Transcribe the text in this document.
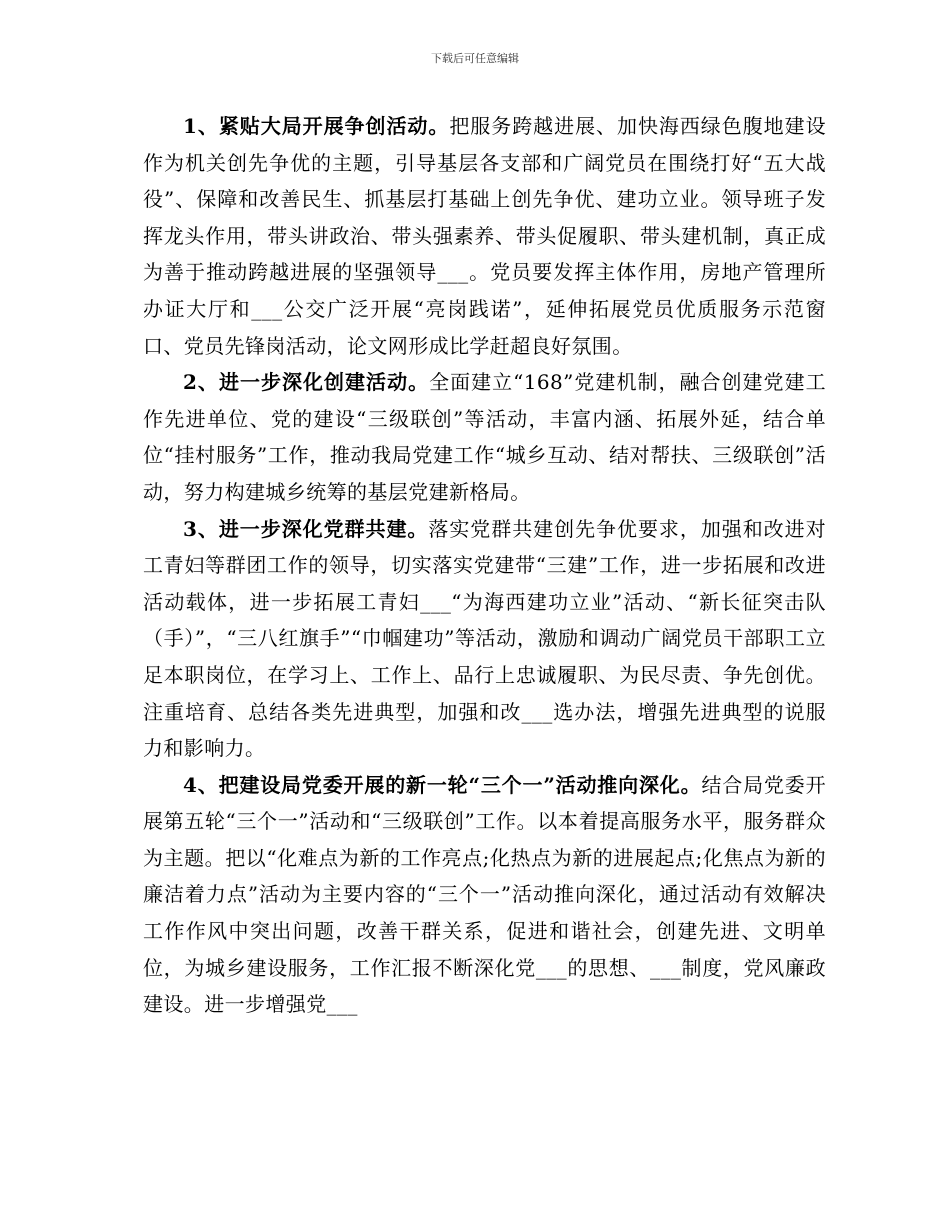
下载后可任意编辑

1、紧贴大局开展争创活动。把服务跨越进展、加快海西绿色腹地建设作为机关创先争优的主题，引导基层各支部和广阔党员在围绕打好“五大战役”、保障和改善民生、抓基层打基础上创先争优、建功立业。领导班子发挥龙头作用，带头讲政治、带头强素养、带头促履职、带头建机制，真正成为善于推动跨越进展的坚强领导___。党员要发挥主体作用，房地产管理所办证大厅和___公交广泛开展“亮岗践诺”，延伸拓展党员优质服务示范窗口、党员先锋岗活动，论文网形成比学赶超良好氛围。

2、进一步深化创建活动。全面建立“168”党建机制，融合创建党建工作先进单位、党的建设“三级联创”等活动，丰富内涵、拓展外延，结合单位“挂村服务”工作，推动我局党建工作“城乡互动、结对帮扶、三级联创”活动，努力构建城乡统筹的基层党建新格局。

3、进一步深化党群共建。落实党群共建创先争优要求，加强和改进对工青妇等群团工作的领导，切实落实党建带“三建”工作，进一步拓展和改进活动载体，进一步拓展工青妇___“为海西建功立业”活动、“新长征突击队（手）”，“三八红旗手”“巾帼建功”等活动，激励和调动广阔党员干部职工立足本职岗位，在学习上、工作上、品行上忠诚履职、为民尽责、争先创优。注重培育、总结各类先进典型，加强和改___选办法，增强先进典型的说服力和影响力。

4、把建设局党委开展的新一轮“三个一”活动推向深化。结合局党委开展第五轮“三个一”活动和“三级联创”工作。以本着提高服务水平，服务群众为主题。把以“化难点为新的工作亮点;化热点为新的进展起点;化焦点为新的廉洁着力点”活动为主要内容的“三个一”活动推向深化，通过活动有效解决工作作风中突出问题，改善干群关系，促进和谐社会，创建先进、文明单位，为城乡建设服务，工作汇报不断深化党___的思想、___制度，党风廉政建设。进一步增强党___
